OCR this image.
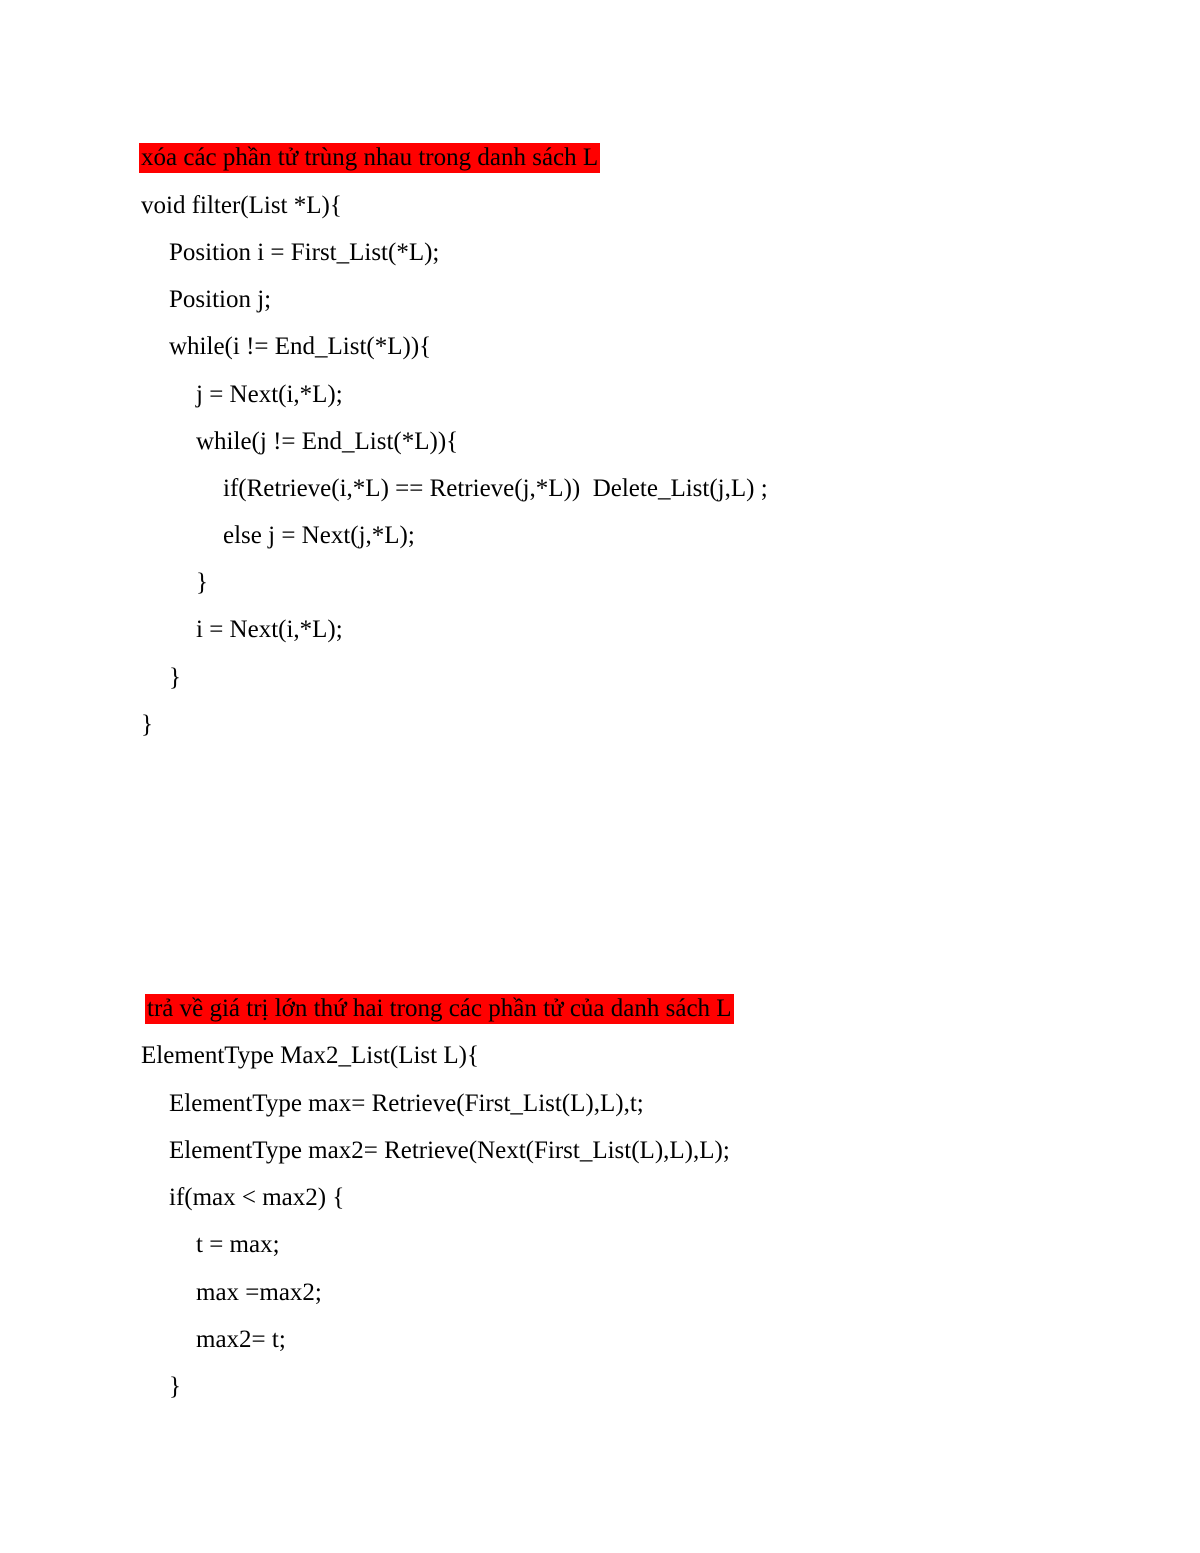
xóa các phần tử trùng nhau trong danh sách L
void filter(List *L){
Position i = First_List(*L);
Position j;
while(i != End_List(*L)){
j = Next(i,*L);
while(j != End_List(*L)){
if(Retrieve(i,*L) == Retrieve(j,*L))  Delete_List(j,L) ;
else j = Next(j,*L);
}
i = Next(i,*L);
}
}
trả về giá trị lớn thứ hai trong các phần tử của danh sách L
ElementType Max2_List(List L){
ElementType max= Retrieve(First_List(L),L),t;
ElementType max2= Retrieve(Next(First_List(L),L),L);
if(max < max2) {
t = max;
max =max2;
max2= t;
}
